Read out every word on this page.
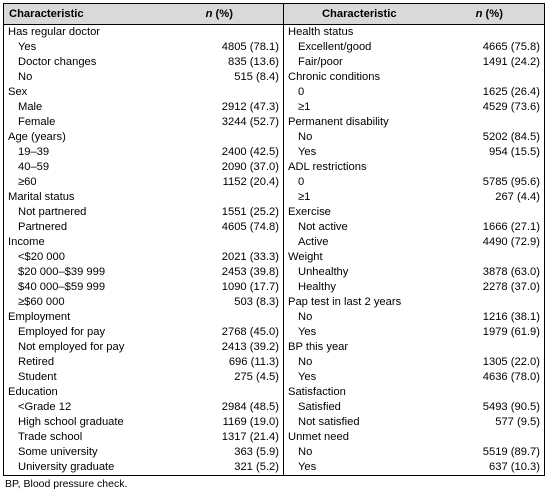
Characteristic	n (%)	Characteristic	n (%)
Has regular doctor		Health status	
Yes	4805 (78.1)	Excellent/good	4665 (75.8)
Doctor changes	835 (13.6)	Fair/poor	1491 (24.2)
No	515 (8.4)	Chronic conditions	
Sex		0	1625 (26.4)
Male	2912 (47.3)	≥1	4529 (73.6)
Female	3244 (52.7)	Permanent disability	
Age (years)		No	5202 (84.5)
19–39	2400 (42.5)	Yes	954 (15.5)
40–59	2090 (37.0)	ADL restrictions	
≥60	1152 (20.4)	0	5785 (95.6)
Marital status		≥1	267 (4.4)
Not partnered	1551 (25.2)	Exercise	
Partnered	4605 (74.8)	Not active	1666 (27.1)
Income		Active	4490 (72.9)
<$20 000	2021 (33.3)	Weight	
$20 000–$39 999	2453 (39.8)	Unhealthy	3878 (63.0)
$40 000–$59 999	1090 (17.7)	Healthy	2278 (37.0)
≥$60 000	503 (8.3)	Pap test in last 2 years	
Employment		No	1216 (38.1)
Employed for pay	2768 (45.0)	Yes	1979 (61.9)
Not employed for pay	2413 (39.2)	BP this year	
Retired	696 (11.3)	No	1305 (22.0)
Student	275 (4.5)	Yes	4636 (78.0)
Education		Satisfaction	
<Grade 12	2984 (48.5)	Satisfied	5493 (90.5)
High school graduate	1169 (19.0)	Not satisfied	577 (9.5)
Trade school	1317 (21.4)	Unmet need	
Some university	363 (5.9)	No	5519 (89.7)
University graduate	321 (5.2)	Yes	637 (10.3)
BP, Blood pressure check.
